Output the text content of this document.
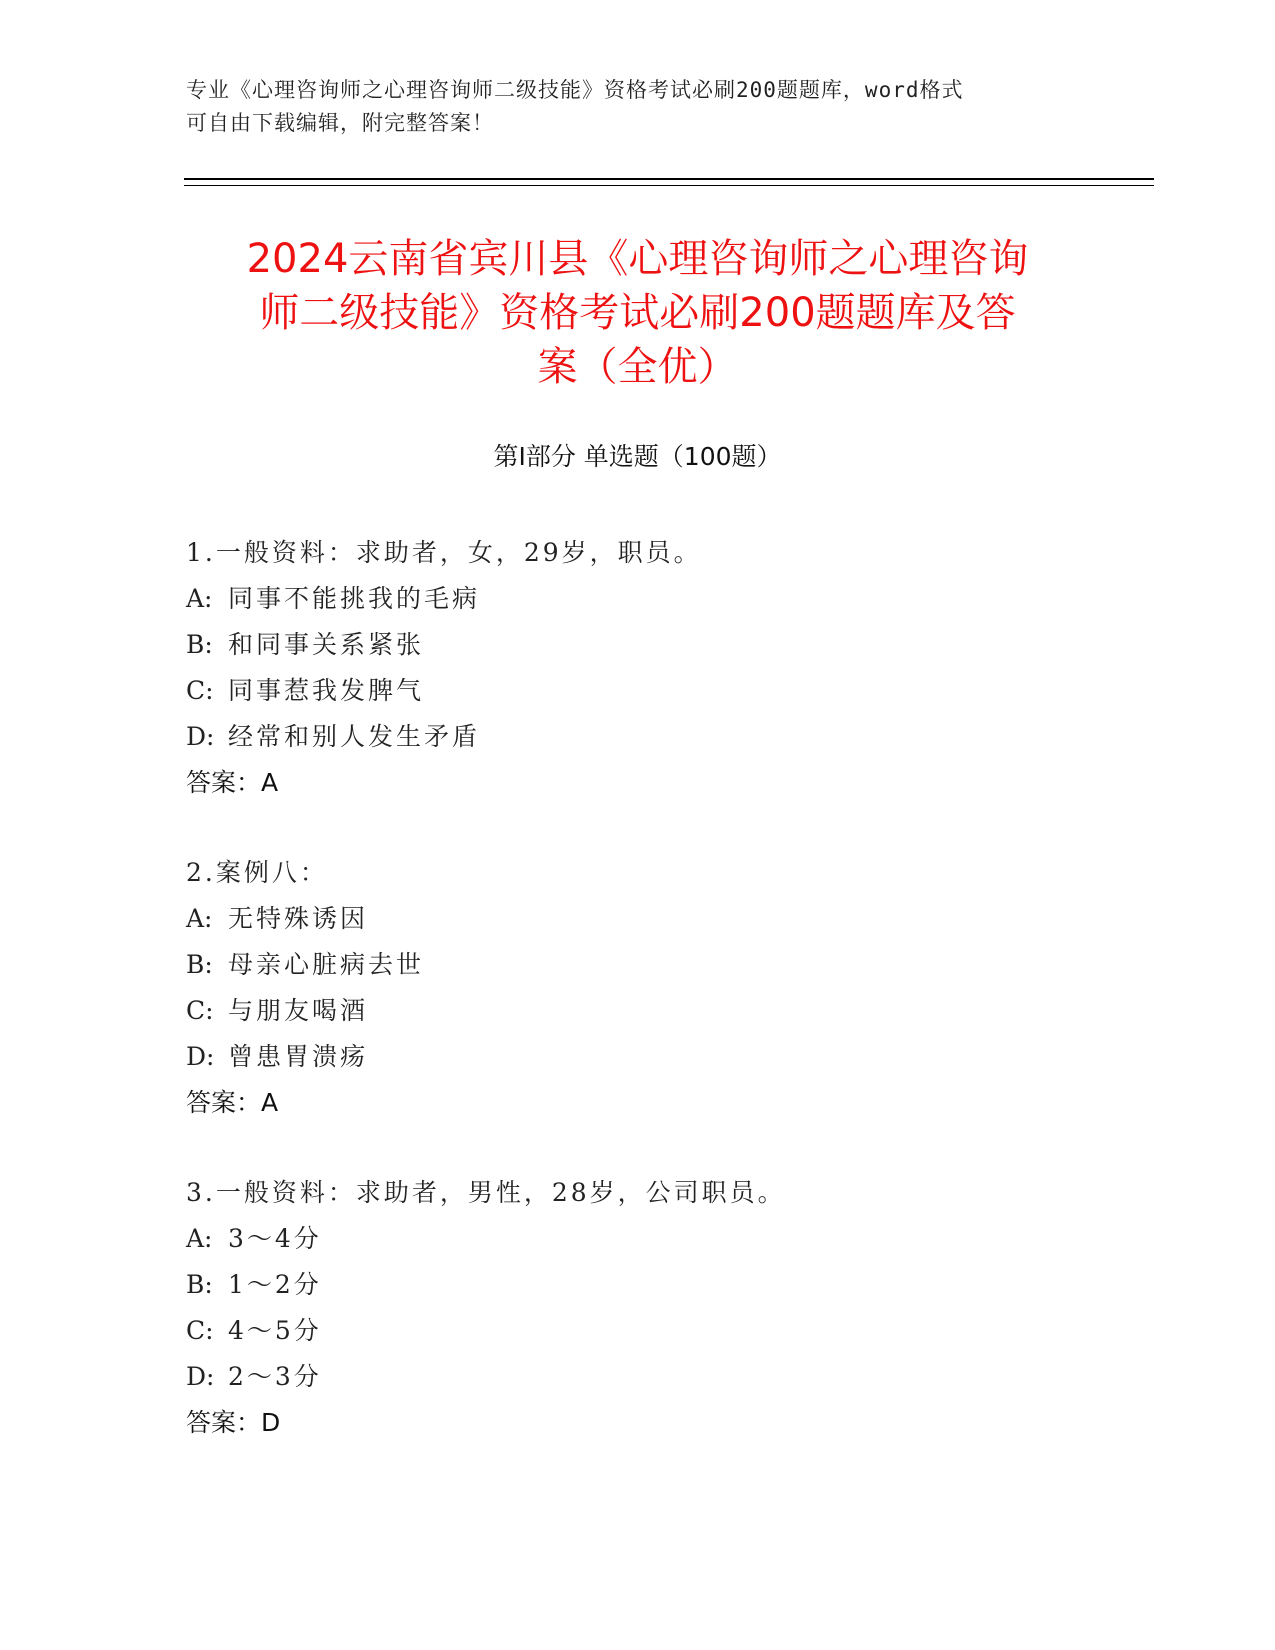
专业《心理咨询师之心理咨询师二级技能》资格考试必刷200题题库，word格式
可自由下载编辑，附完整答案！
2024云南省宾川县《心理咨询师之心理咨询
师二级技能》资格考试必刷200题题库及答
案（全优）
第Ⅰ部分 单选题（100题）
1.一般资料：求助者，女，29岁，职员。
A: 同事不能挑我的毛病
B: 和同事关系紧张
C: 同事惹我发脾气
D: 经常和别人发生矛盾
答案：A
2.案例八：
A: 无特殊诱因
B: 母亲心脏病去世
C: 与朋友喝酒
D: 曾患胃溃疡
答案：A
3.一般资料：求助者，男性，28岁，公司职员。
A: 3～4分
B: 1～2分
C: 4～5分
D: 2～3分
答案：D
